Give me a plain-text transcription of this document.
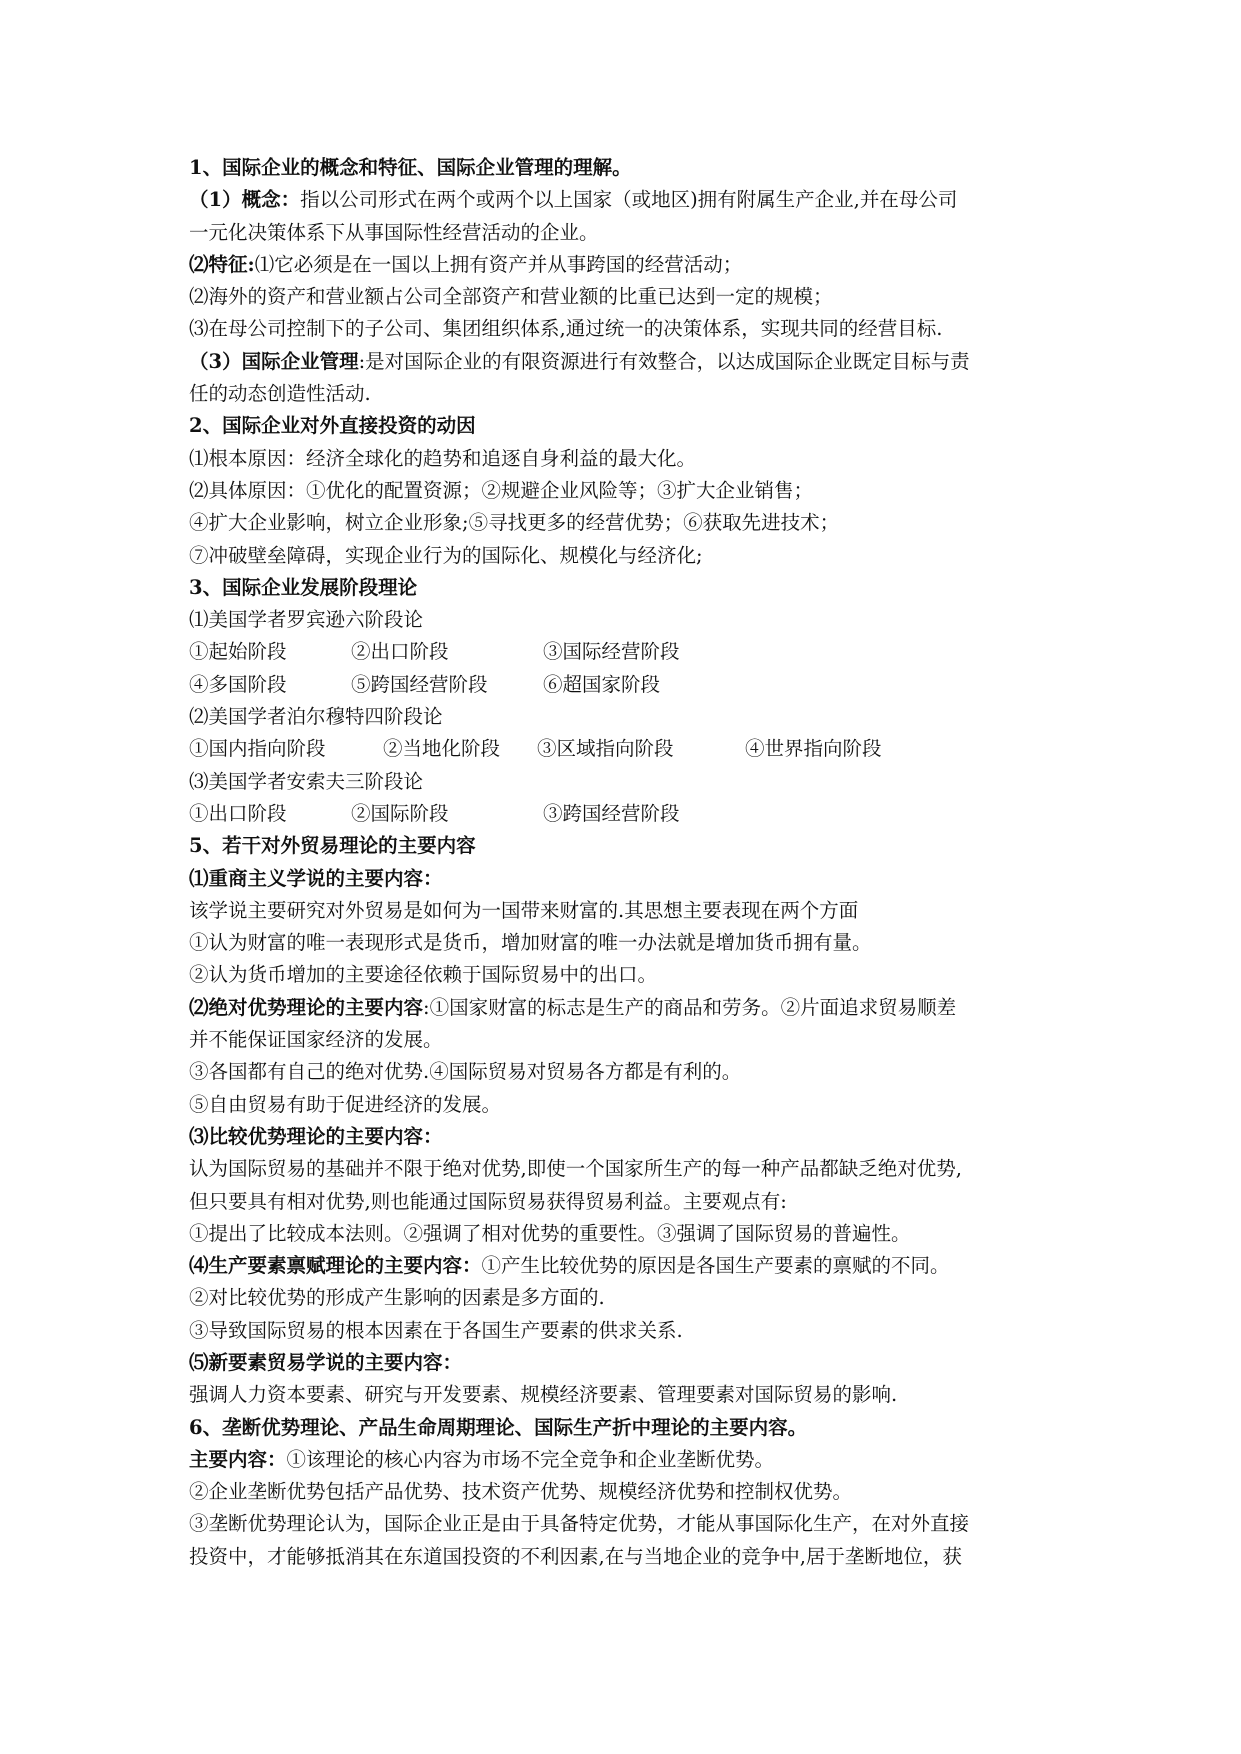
1、国际企业的概念和特征、国际企业管理的理解。
（1）概念：指以公司形式在两个或两个以上国家（或地区)拥有附属生产企业,并在母公司
一元化决策体系下从事国际性经营活动的企业。
⑵特征:⑴它必须是在一国以上拥有资产并从事跨国的经营活动；
⑵海外的资产和营业额占公司全部资产和营业额的比重已达到一定的规模；
⑶在母公司控制下的子公司、集团组织体系,通过统一的决策体系，实现共同的经营目标.
（3）国际企业管理:是对国际企业的有限资源进行有效整合，以达成国际企业既定目标与责
任的动态创造性活动.
2、国际企业对外直接投资的动因
⑴根本原因：经济全球化的趋势和追逐自身利益的最大化。
⑵具体原因：①优化的配置资源；②规避企业风险等；③扩大企业销售；
④扩大企业影响，树立企业形象;⑤寻找更多的经营优势；⑥获取先进技术；
⑦冲破壁垒障碍，实现企业行为的国际化、规模化与经济化;
3、国际企业发展阶段理论
⑴美国学者罗宾逊六阶段论
①起始阶段	②出口阶段	③国际经营阶段
④多国阶段	⑤跨国经营阶段	⑥超国家阶段
⑵美国学者泊尔穆特四阶段论
①国内指向阶段	②当地化阶段 ③区域指向阶段	④世界指向阶段
⑶美国学者安索夫三阶段论
①出口阶段	②国际阶段	③跨国经营阶段
5、若干对外贸易理论的主要内容
⑴重商主义学说的主要内容：
该学说主要研究对外贸易是如何为一国带来财富的.其思想主要表现在两个方面
①认为财富的唯一表现形式是货币，增加财富的唯一办法就是增加货币拥有量。
②认为货币增加的主要途径依赖于国际贸易中的出口。
⑵绝对优势理论的主要内容:①国家财富的标志是生产的商品和劳务。②片面追求贸易顺差
并不能保证国家经济的发展。
③各国都有自己的绝对优势.④国际贸易对贸易各方都是有利的。
⑤自由贸易有助于促进经济的发展。
⑶比较优势理论的主要内容：
认为国际贸易的基础并不限于绝对优势,即使一个国家所生产的每一种产品都缺乏绝对优势,
但只要具有相对优势,则也能通过国际贸易获得贸易利益。主要观点有:
①提出了比较成本法则。②强调了相对优势的重要性。③强调了国际贸易的普遍性。
⑷生产要素禀赋理论的主要内容：①产生比较优势的原因是各国生产要素的禀赋的不同。
②对比较优势的形成产生影响的因素是多方面的.
③导致国际贸易的根本因素在于各国生产要素的供求关系.
⑸新要素贸易学说的主要内容：
强调人力资本要素、研究与开发要素、规模经济要素、管理要素对国际贸易的影响.
6、垄断优势理论、产品生命周期理论、国际生产折中理论的主要内容。
主要内容：①该理论的核心内容为市场不完全竞争和企业垄断优势。
②企业垄断优势包括产品优势、技术资产优势、规模经济优势和控制权优势。
③垄断优势理论认为，国际企业正是由于具备特定优势，才能从事国际化生产，在对外直接
投资中，才能够抵消其在东道国投资的不利因素,在与当地企业的竞争中,居于垄断地位，获
